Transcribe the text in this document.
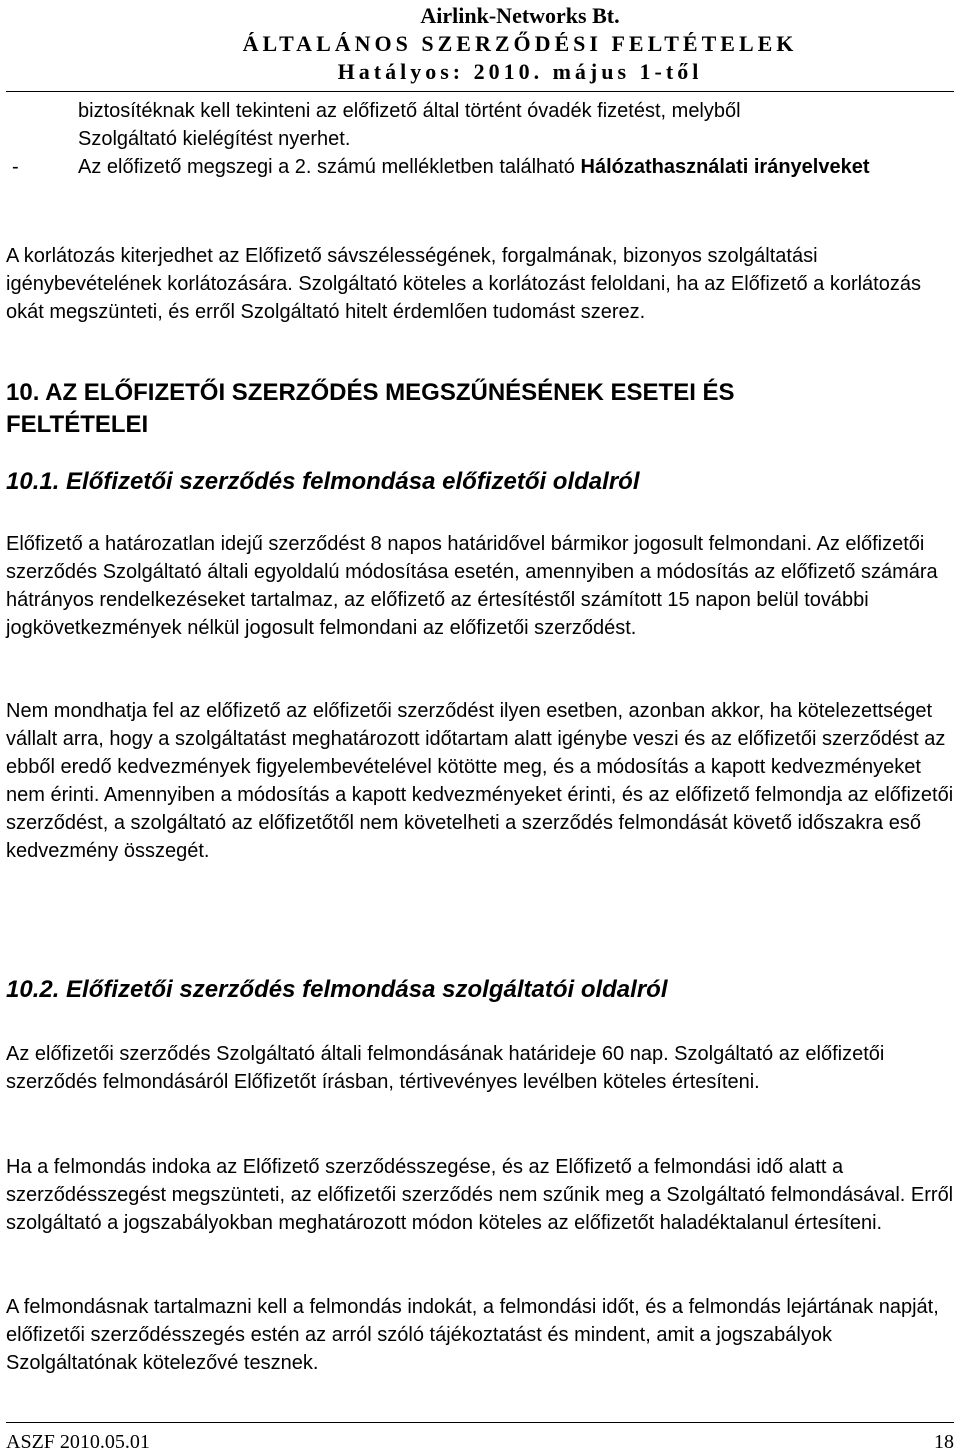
Airlink-Networks Bt.
ÁLTALÁNOS SZERZŐDÉSI FELTÉTELEK
Hatályos: 2010. május 1-től

biztosítéknak kell tekinteni az előfizető által történt óvadék fizetést, melyből

Szolgáltató kielégítést nyerhet.

-	Az előfizető megszegi a 2. számú mellékletben található Hálózathasználati irányelveket

A korlátozás kiterjedhet az Előfizető sávszélességének, forgalmának, bizonyos szolgáltatási igénybevételének korlátozására. Szolgáltató köteles a korlátozást feloldani, ha az Előfizető a korlátozás okát megszünteti, és erről Szolgáltató hitelt érdemlően tudomást szerez.

10. AZ ELŐFIZETŐI SZERZŐDÉS MEGSZŰNÉSÉNEK ESETEI ÉS FELTÉTELEI
10.1. Előfizetői szerződés felmondása előfizetői oldalról

Előfizető a határozatlan idejű szerződést 8 napos határidővel bármikor jogosult felmondani. Az előfizetői szerződés Szolgáltató általi egyoldalú módosítása esetén, amennyiben a módosítás az előfizető számára hátrányos rendelkezéseket tartalmaz, az előfizető az értesítéstől számított 15 napon belül további jogkövetkezmények nélkül jogosult felmondani az előfizetői szerződést.

Nem mondhatja fel az előfizető az előfizetői szerződést ilyen esetben, azonban akkor, ha kötelezettséget vállalt arra, hogy a szolgáltatást meghatározott időtartam alatt igénybe veszi és az előfizetői szerződést az ebből eredő kedvezmények figyelembevételével kötötte meg, és a módosítás a kapott kedvezményeket nem érinti. Amennyiben a módosítás a kapott kedvezményeket érinti, és az előfizető felmondja az előfizetői szerződést, a szolgáltató az előfizetőtől nem követelheti a szerződés felmondását követő időszakra eső kedvezmény összegét.

10.2. Előfizetői szerződés felmondása szolgáltatói oldalról

Az előfizetői szerződés Szolgáltató általi felmondásának határideje 60 nap. Szolgáltató az előfizetői szerződés felmondásáról Előfizetőt írásban, tértivevényes levélben köteles értesíteni.

Ha a felmondás indoka az Előfizető szerződésszegése, és az Előfizető a felmondási idő alatt a szerződésszegést megszünteti, az előfizetői szerződés nem szűnik meg a Szolgáltató felmondásával. Erről szolgáltató a jogszabályokban meghatározott módon köteles az előfizetőt haladéktalanul értesíteni.

A felmondásnak tartalmazni kell a felmondás indokát, a felmondási időt, és a felmondás lejártának napját, előfizetői szerződésszegés estén az arról szóló tájékoztatást és mindent, amit a jogszabályok Szolgáltatónak kötelezővé tesznek.

ASZF 2010.05.01	18
